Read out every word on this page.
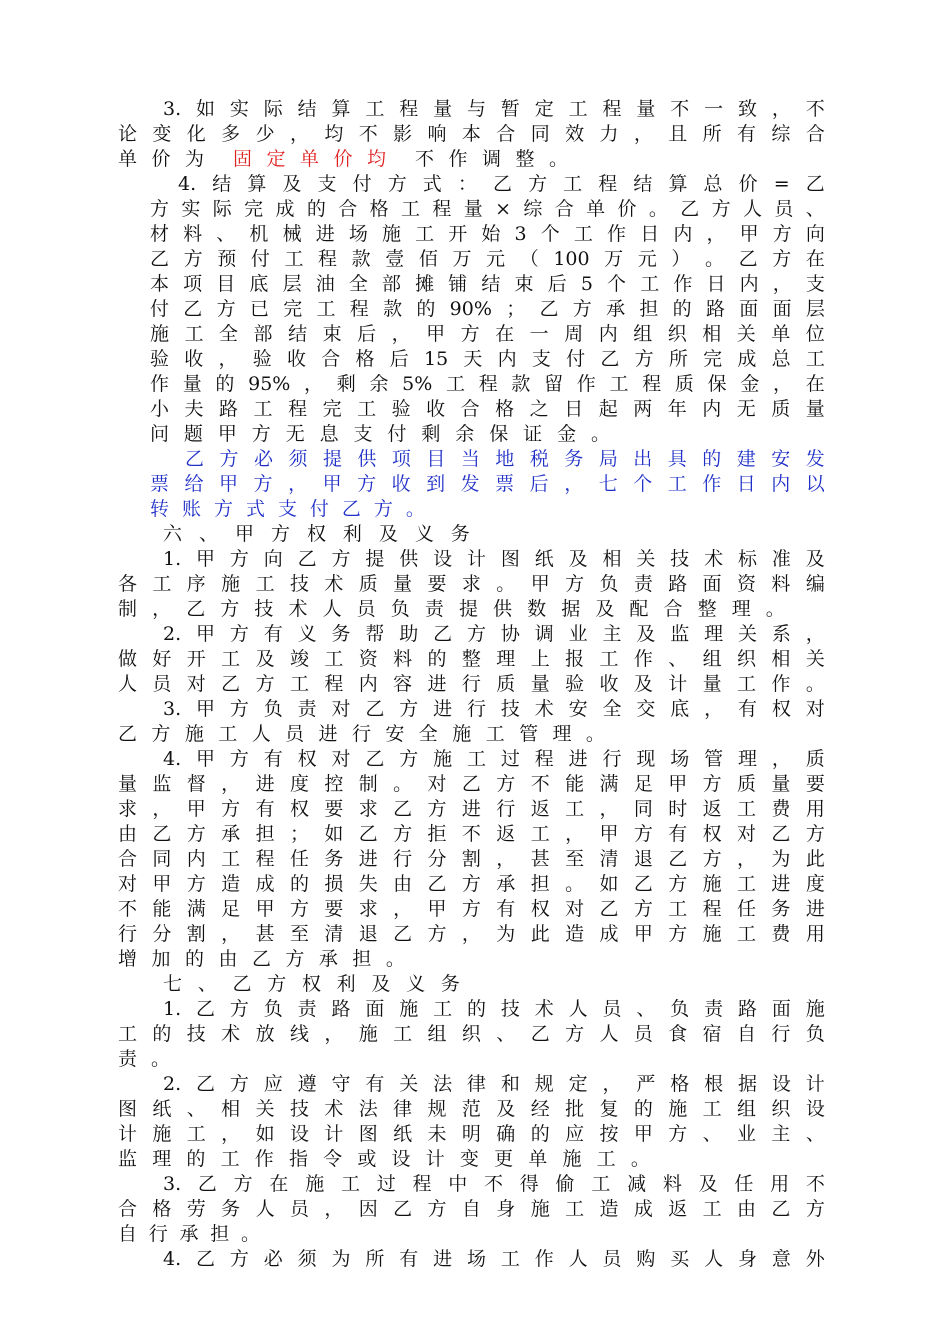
3. 如 实 际 结 算 工 程 量 与 暂 定 工 程 量 不 一 致 ， 不
论 变 化 多 少 ， 均 不 影 响 本 合 同 效 力 ， 且 所 有 综 合
单价为 固定单价均 不作调整。
4. 结 算 及 支 付 方 式 ： 乙 方 工 程 结 算 总 价 = 乙
方 实 际 完 成 的 合 格 工 程 量 × 综 合 单 价 。 乙 方 人 员 、
材 料 、 机 械 进 场 施 工 开 始 3 个 工 作 日 内 ， 甲 方 向
乙 方 预 付 工 程 款 壹 佰 万 元 （ 100 万 元 ） 。 乙 方 在
本 项 目 底 层 油 全 部 摊 铺 结 束 后 5 个 工 作 日 内 ， 支
付 乙 方 已 完 工 程 款 的 90% ； 乙 方 承 担 的 路 面 面 层
施 工 全 部 结 束 后 ， 甲 方 在 一 周 内 组 织 相 关 单 位
验 收 ， 验 收 合 格 后 15 天 内 支 付 乙 方 所 完 成 总 工
作 量 的 95% ， 剩 余 5% 工 程 款 留 作 工 程 质 保 金 ， 在
小 夫 路 工 程 完 工 验 收 合 格 之 日 起 两 年 内 无 质 量
问 题 甲 方 无 息 支 付 剩 余 保 证 金 。
乙 方 必 须 提 供 项 目 当 地 税 务 局 出 具 的 建 安 发
票 给 甲 方 ， 甲 方 收 到 发 票 后 ， 七 个 工 作 日 内 以
转 账 方 式 支 付 乙 方 。
六 、 甲 方 权 利 及 义 务
1. 甲 方 向 乙 方 提 供 设 计 图 纸 及 相 关 技 术 标 准 及
各 工 序 施 工 技 术 质 量 要 求 。 甲 方 负 责 路 面 资 料 编
制 ， 乙 方 技 术 人 员 负 责 提 供 数 据 及 配 合 整 理 。
2. 甲 方 有 义 务 帮 助 乙 方 协 调 业 主 及 监 理 关 系 ，
做 好 开 工 及 竣 工 资 料 的 整 理 上 报 工 作 、 组 织 相 关
人 员 对 乙 方 工 程 内 容 进 行 质 量 验 收 及 计 量 工 作 。
3. 甲 方 负 责 对 乙 方 进 行 技 术 安 全 交 底 ， 有 权 对
乙 方 施 工 人 员 进 行 安 全 施 工 管 理 。
4. 甲 方 有 权 对 乙 方 施 工 过 程 进 行 现 场 管 理 ， 质
量 监 督 ， 进 度 控 制 。 对 乙 方 不 能 满 足 甲 方 质 量 要
求 ， 甲 方 有 权 要 求 乙 方 进 行 返 工 ， 同 时 返 工 费 用
由 乙 方 承 担 ； 如 乙 方 拒 不 返 工 ， 甲 方 有 权 对 乙 方
合 同 内 工 程 任 务 进 行 分 割 ， 甚 至 清 退 乙 方 ， 为 此
对 甲 方 造 成 的 损 失 由 乙 方 承 担 。 如 乙 方 施 工 进 度
不 能 满 足 甲 方 要 求 ， 甲 方 有 权 对 乙 方 工 程 任 务 进
行 分 割 ， 甚 至 清 退 乙 方 ， 为 此 造 成 甲 方 施 工 费 用
增 加 的 由 乙 方 承 担 。
七 、 乙 方 权 利 及 义 务
1. 乙 方 负 责 路 面 施 工 的 技 术 人 员 、 负 责 路 面 施
工 的 技 术 放 线 ， 施 工 组 织 、 乙 方 人 员 食 宿 自 行 负
责 。
2. 乙 方 应 遵 守 有 关 法 律 和 规 定 ， 严 格 根 据 设 计
图 纸 、 相 关 技 术 法 律 规 范 及 经 批 复 的 施 工 组 织 设
计 施 工 ， 如 设 计 图 纸 未 明 确 的 应 按 甲 方 、 业 主 、
监 理 的 工 作 指 令 或 设 计 变 更 单 施 工 。
3. 乙 方 在 施 工 过 程 中 不 得 偷 工 减 料 及 任 用 不
合 格 劳 务 人 员 ， 因 乙 方 自 身 施 工 造 成 返 工 由 乙 方
自 行 承 担 。
4. 乙 方 必 须 为 所 有 进 场 工 作 人 员 购 买 人 身 意 外
